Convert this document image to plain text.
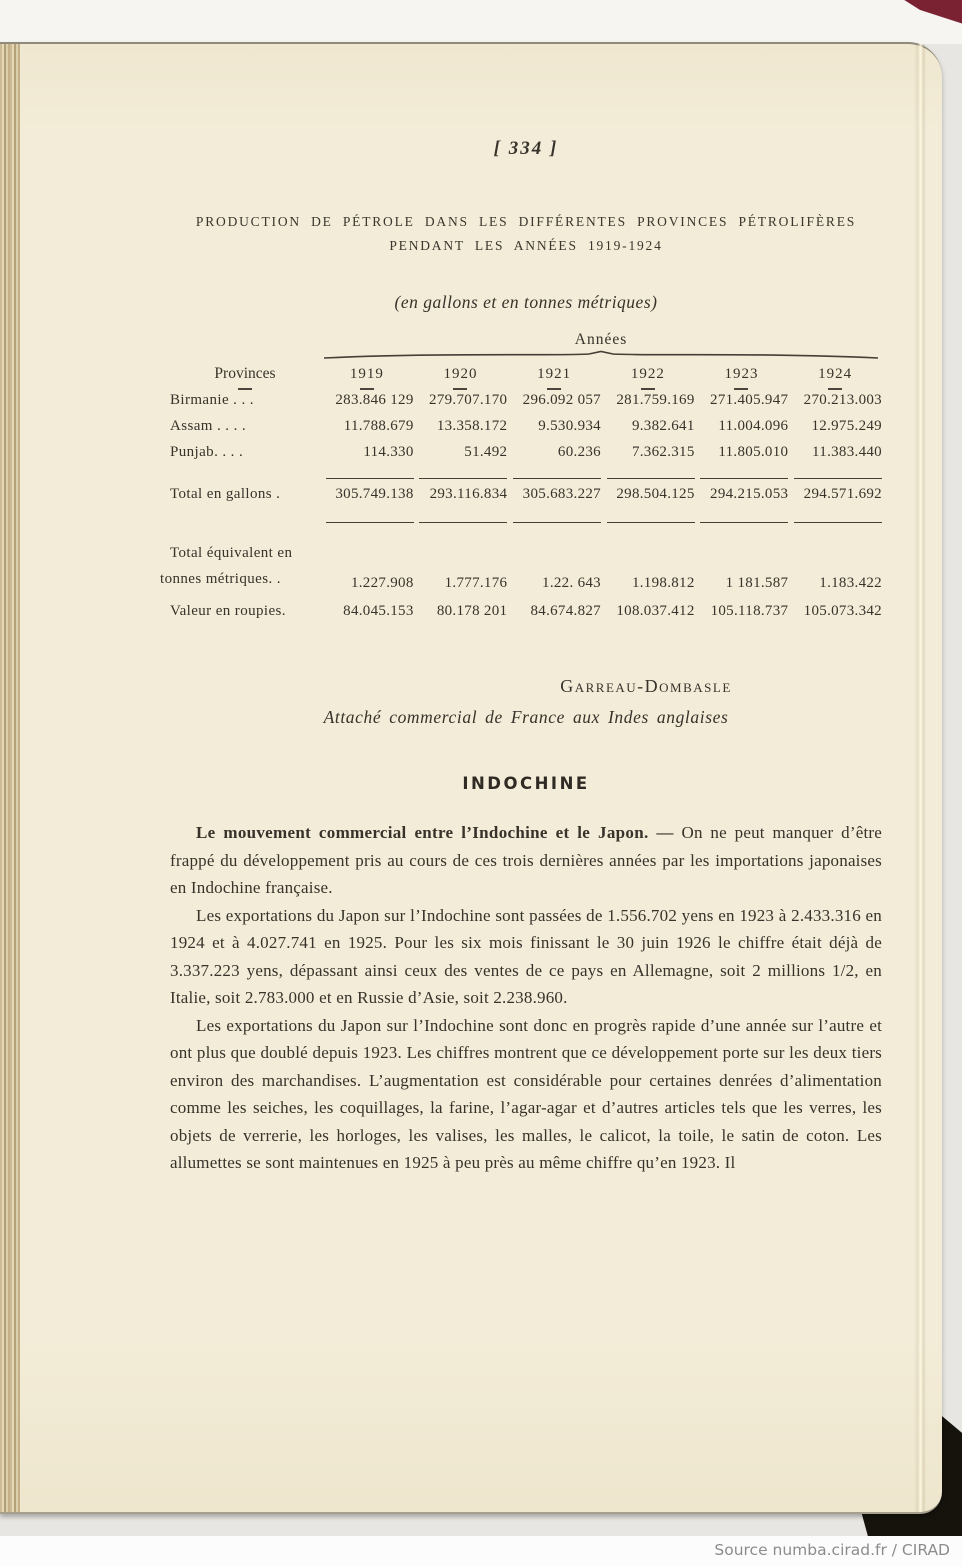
[ 334 ]
PRODUCTION DE PÉTROLE DANS LES DIFFÉRENTES PROVINCES PÉTROLIFÈRES
PENDANT LES ANNÉES 1919-1924
(en gallons et en tonnes métriques)
Années
Provinces	1919	1920	1921	1922	1923	1924
Birmanie . . .	283.846 129	279.707.170	296.092 057	281.759.169	271.405.947	270.213.003
Assam . . . .	11.788.679	13.358.172	9.530.934	9.382.641	11.004.096	12.975.249
Punjab. . . .	114.330	51.492	60.236	7.362.315	11.805.010	11.383.440
Total en gallons .	305.749.138	293.116.834	305.683.227	298.504.125	294.215.053	294.571.692
Total équivalent en
tonnes métriques. .	1.227.908	1.777.176	1.22. 643	1.198.812	1 181.587	1.183.422
Valeur en roupies.	84.045.153	80.178 201	84.674.827	108.037.412	105.118.737	105.073.342
Garreau-Dombasle
Attaché commercial de France aux Indes anglaises
INDOCHINE

Le mouvement commercial entre l’Indochine et le Japon. — On ne peut manquer d’être frappé du développement pris au cours de ces trois dernières années par les importations japonaises en Indochine française.

Les exportations du Japon sur l’Indochine sont passées de 1.556.702 yens en 1923 à 2.433.316 en 1924 et à 4.027.741 en 1925. Pour les six mois finissant le 30 juin 1926 le chiffre était déjà de 3.337.223 yens, dépassant ainsi ceux des ventes de ce pays en Allemagne, soit 2 millions 1/2, en Italie, soit 2.783.000 et en Russie d’Asie, soit 2.238.960.

Les exportations du Japon sur l’Indochine sont donc en progrès rapide d’une année sur l’autre et ont plus que doublé depuis 1923. Les chiffres montrent que ce développement porte sur les deux tiers environ des marchandises. L’augmentation est considérable pour certaines denrées d’alimentation comme les seiches, les coquillages, la farine, l’agar-agar et d’autres articles tels que les verres, les objets de verrerie, les horloges, les valises, les malles, le calicot, la toile, le satin de coton. Les allumettes se sont maintenues en 1925 à peu près au même chiffre qu’en 1923. Il

Source numba.cirad.fr / CIRAD
